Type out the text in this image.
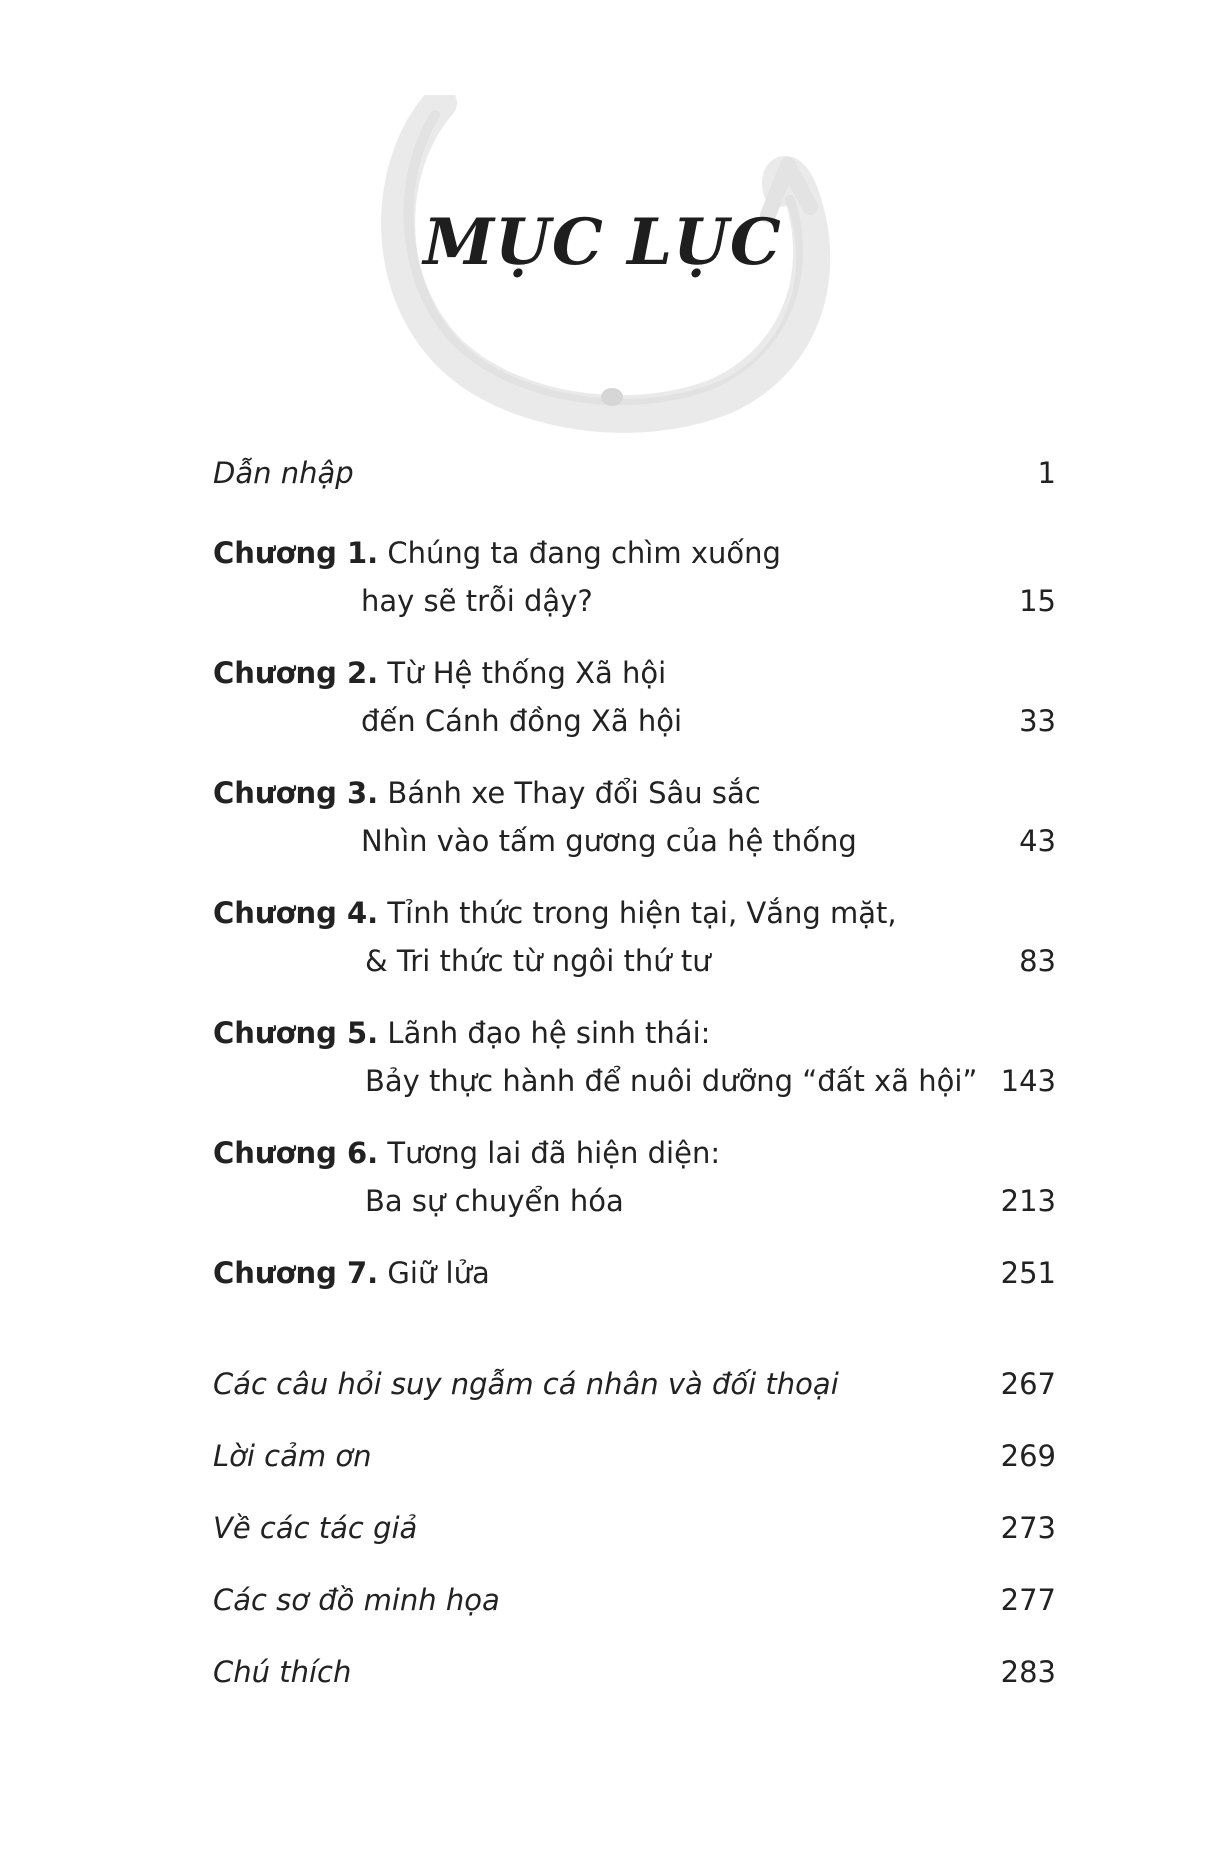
MỤC LỤC
Dẫn nhập	1
Chương 1. Chúng ta đang chìm xuống
hay sẽ trỗi dậy?	15
Chương 2. Từ Hệ thống Xã hội
đến Cánh đồng Xã hội	33
Chương 3. Bánh xe Thay đổi Sâu sắc
Nhìn vào tấm gương của hệ thống	43
Chương 4. Tỉnh thức trong hiện tại, Vắng mặt,
& Tri thức từ ngôi thứ tư	83
Chương 5. Lãnh đạo hệ sinh thái:
Bảy thực hành để nuôi dưỡng “đất xã hội” 143
Chương 6. Tương lai đã hiện diện:
Ba sự chuyển hóa	213
Chương 7. Giữ lửa	251
Các câu hỏi suy ngẫm cá nhân và đối thoại	267
Lời cảm ơn	269
Về các tác giả	273
Các sơ đồ minh họa	277
Chú thích	283
